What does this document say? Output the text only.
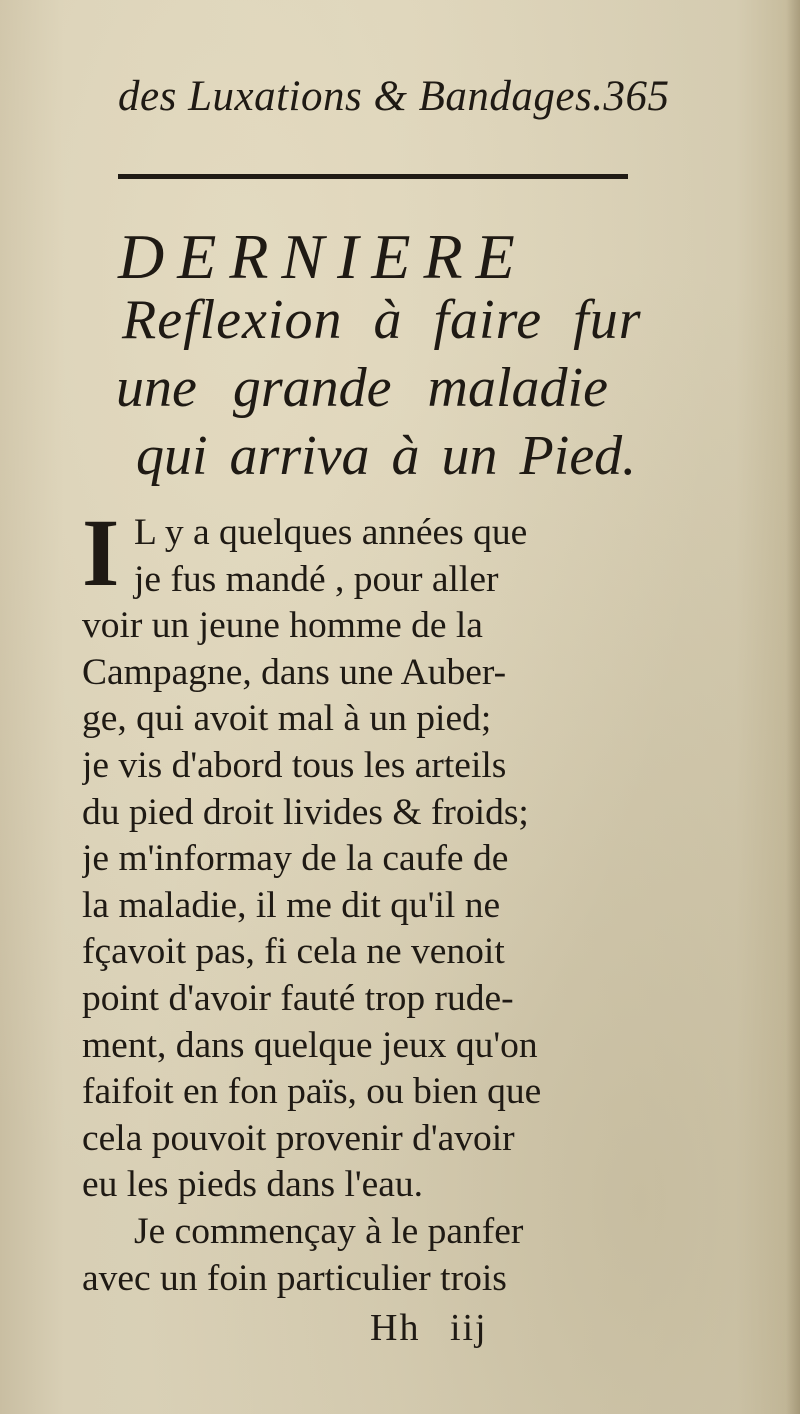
des Luxations & Bandages.365
DERNIERE
Reflexion à faire fur
une grande maladie
qui arriva à un Pied.
I L y a quelques années que
je fus mandé , pour aller
voir un jeune homme de la
Campagne, dans une Auber-
ge, qui avoit mal à un pied;
je vis d'abord tous les arteils
du pied droit livides & froids;
je m'informay de la caufe de
la maladie, il me dit qu'il ne
fçavoit pas, fi cela ne venoit
point d'avoir fauté trop rude-
ment, dans quelque jeux qu'on
faifoit en fon païs, ou bien que
cela pouvoit provenir d'avoir
eu les pieds dans l'eau.
Je commençay à le panfer
avec un foin particulier trois
Hh iij
